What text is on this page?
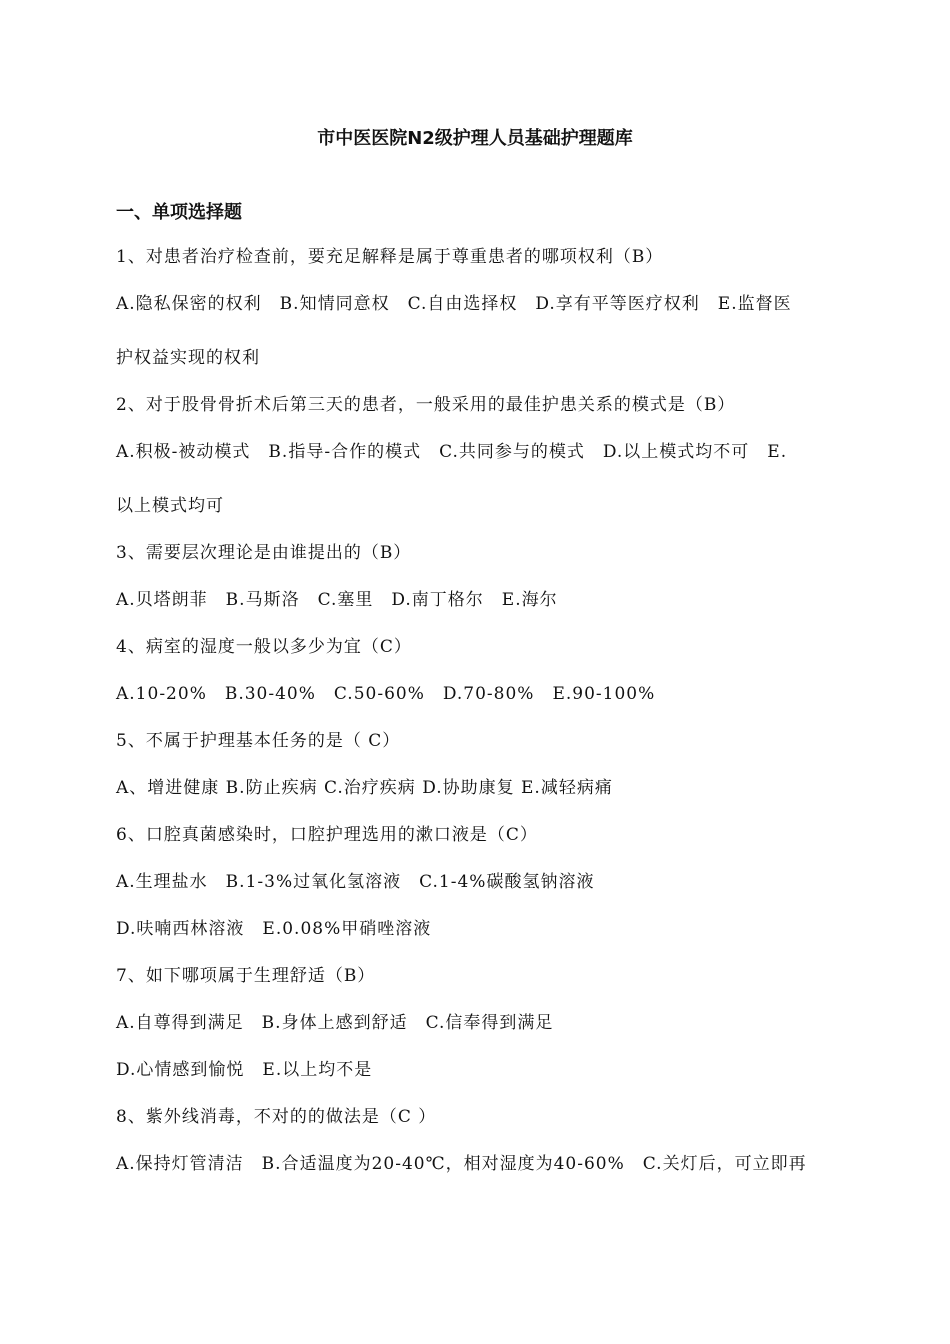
市中医医院N2级护理人员基础护理题库
一、单项选择题
1、对患者治疗检查前，要充足解释是属于尊重患者的哪项权利（B）
A.隐私保密的权利　B.知情同意权　C.自由选择权　D.享有平等医疗权利　E.监督医
护权益实现的权利
2、对于股骨骨折术后第三天的患者，一般采用的最佳护患关系的模式是（B）
A.积极-被动模式　B.指导-合作的模式　C.共同参与的模式　D.以上模式均不可　E.
以上模式均可
3、需要层次理论是由谁提出的（B）
A.贝塔朗菲　B.马斯洛　C.塞里　D.南丁格尔　E.海尔
4、病室的湿度一般以多少为宜（C）
A.10-20%　B.30-40%　C.50-60%　D.70-80%　E.90-100%
5、不属于护理基本任务的是（ C）
A、增进健康 B.防止疾病 C.治疗疾病 D.协助康复 E.减轻病痛
6、口腔真菌感染时，口腔护理选用的漱口液是（C）
A.生理盐水　B.1-3%过氧化氢溶液　C.1-4%碳酸氢钠溶液
D.呋喃西林溶液　E.0.08%甲硝唑溶液
7、如下哪项属于生理舒适（B）
A.自尊得到满足　B.身体上感到舒适　C.信奉得到满足
D.心情感到愉悦　E.以上均不是
8、紫外线消毒，不对的的做法是（C ）
A.保持灯管清洁　B.合适温度为20-40℃，相对湿度为40-60%　C.关灯后，可立即再
